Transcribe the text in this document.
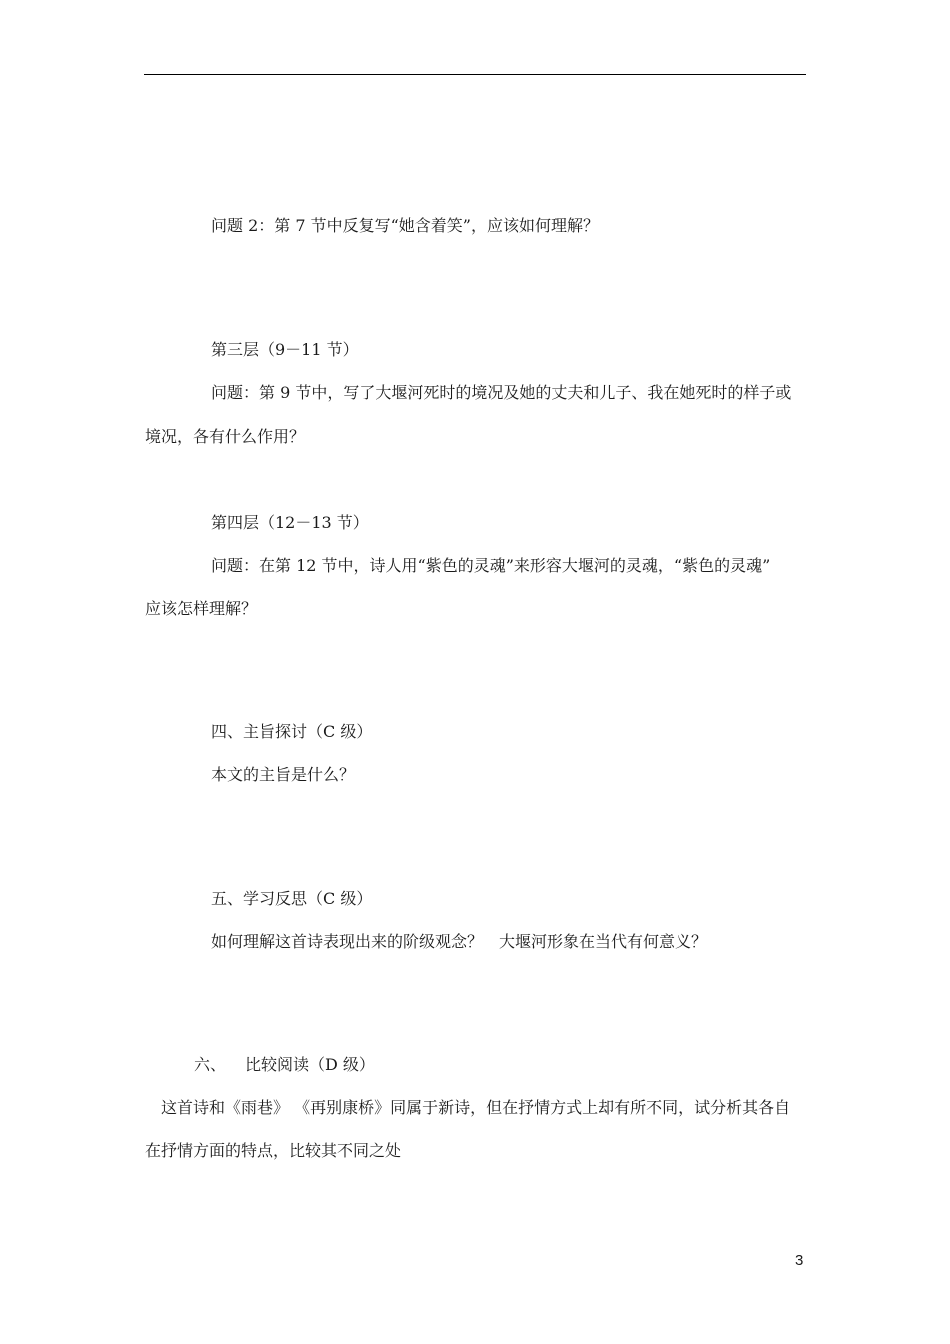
问题 2：第 7 节中反复写“她含着笑”，应该如何理解？
第三层（9－11 节）
问题：第 9 节中，写了大堰河死时的境况及她的丈夫和儿子、我在她死时的样子或
境况，各有什么作用？
第四层（12－13 节）
问题：在第 12 节中，诗人用“紫色的灵魂”来形容大堰河的灵魂，“紫色的灵魂”
应该怎样理解？
四、主旨探讨（C 级）
本文的主旨是什么？
五、学习反思（C 级）
如何理解这首诗表现出来的阶级观念？　大堰河形象在当代有何意义？
六、 比较阅读（D 级）
这首诗和《雨巷》 《再别康桥》同属于新诗，但在抒情方式上却有所不同，试分析其各自
在抒情方面的特点，比较其不同之处
3
